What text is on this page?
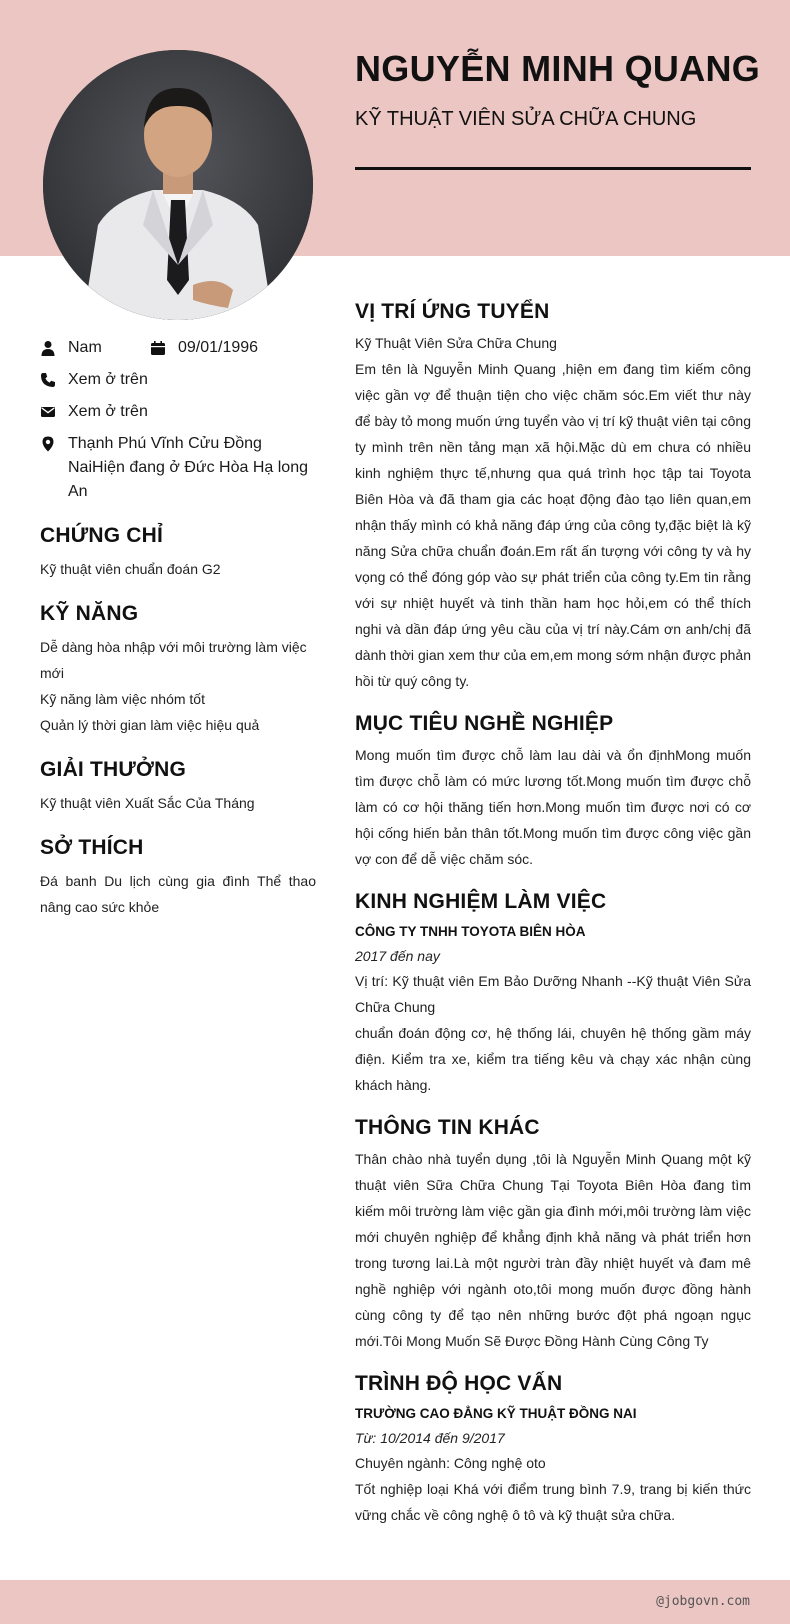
NGUYỄN MINH QUANG
KỸ THUẬT VIÊN SỬA CHỮA CHUNG
Nam	09/01/1996
Xem ở trên
Xem ở trên
Thạnh Phú Vĩnh Cửu Đồng NaiHiện đang ở Đức Hòa Hạ long An
CHỨNG CHỈ
Kỹ thuật viên chuẩn đoán G2
KỸ NĂNG
Dễ dàng hòa nhập với môi trường làm việc mới
Kỹ năng làm việc nhóm tốt
Quản lý thời gian làm việc hiệu quả
GIẢI THƯỞNG
Kỹ thuật viên Xuất Sắc Của Tháng
SỞ THÍCH
Đá banh Du lịch cùng gia đình Thể thao nâng cao sức khỏe
VỊ TRÍ ỨNG TUYỂN
Kỹ Thuật Viên Sửa Chữa Chung
Em tên là Nguyễn Minh Quang ,hiện em đang tìm kiếm công việc gần vợ để thuận tiện cho việc chăm sóc.Em viết thư này để bày tỏ mong muốn ứng tuyển vào vị trí kỹ thuật viên tại công ty mình trên nền tảng mạn xã hội.Mặc dù em chưa có nhiều kinh nghiệm thực tế,nhưng qua quá trình học tập tai Toyota Biên Hòa và đã tham gia các hoạt động đào tạo liên quan,em nhận thấy mình có khả năng đáp ứng của công ty,đặc biệt là kỹ năng Sửa chữa chuẩn đoán.Em rất ấn tượng với công ty và hy vọng có thể đóng góp vào sự phát triển của công ty.Em tin rằng với sự nhiệt huyết và tinh thần ham học hỏi,em có thể thích nghi và dần đáp ứng yêu cầu của vị trí này.Cám ơn anh/chị đã dành thời gian xem thư của em,em mong sớm nhận được phản hồi từ quý công ty.
MỤC TIÊU NGHỀ NGHIỆP
Mong muốn tìm được chỗ làm lau dài và ổn địnhMong muốn tìm được chỗ làm có mức lương tốt.Mong muốn tìm được chỗ làm có cơ hội thăng tiến hơn.Mong muốn tìm được nơi có cơ hội cống hiến bản thân tốt.Mong muốn tìm được công việc gần vợ con để dễ việc chăm sóc.
KINH NGHIỆM LÀM VIỆC
CÔNG TY TNHH TOYOTA BIÊN HÒA
2017 đến nay
Vị trí: Kỹ thuật viên Em Bảo Dưỡng Nhanh --Kỹ thuật Viên Sửa Chữa Chung
chuẩn đoán động cơ, hệ thống lái, chuyên hệ thống gầm máy điện. Kiểm tra xe, kiểm tra tiếng kêu và chạy xác nhận cùng khách hàng.
THÔNG TIN KHÁC
Thân chào nhà tuyển dụng ,tôi là Nguyễn Minh Quang một kỹ thuật viên Sữa Chữa Chung Tại Toyota Biên Hòa đang tìm kiếm môi trường làm việc gần gia đình mới,môi trường làm việc mới chuyên nghiệp để khẳng định khả năng và phát triển hơn trong tương lai.Là một người tràn đầy nhiệt huyết và đam mê nghề nghiệp với ngành oto,tôi mong muốn được đồng hành cùng công ty để tạo nên những bước đột phá ngoạn ngục mới.Tôi Mong Muốn Sẽ Được Đồng Hành Cùng Công Ty
TRÌNH ĐỘ HỌC VẤN
TRƯỜNG CAO ĐẲNG KỸ THUẬT ĐỒNG NAI
Từ: 10/2014 đến 9/2017
Chuyên ngành: Công nghệ oto
Tốt nghiệp loại Khá với điểm trung bình 7.9, trang bị kiến thức vững chắc về công nghệ ô tô và kỹ thuật sửa chữa.
@jobgovn.com
